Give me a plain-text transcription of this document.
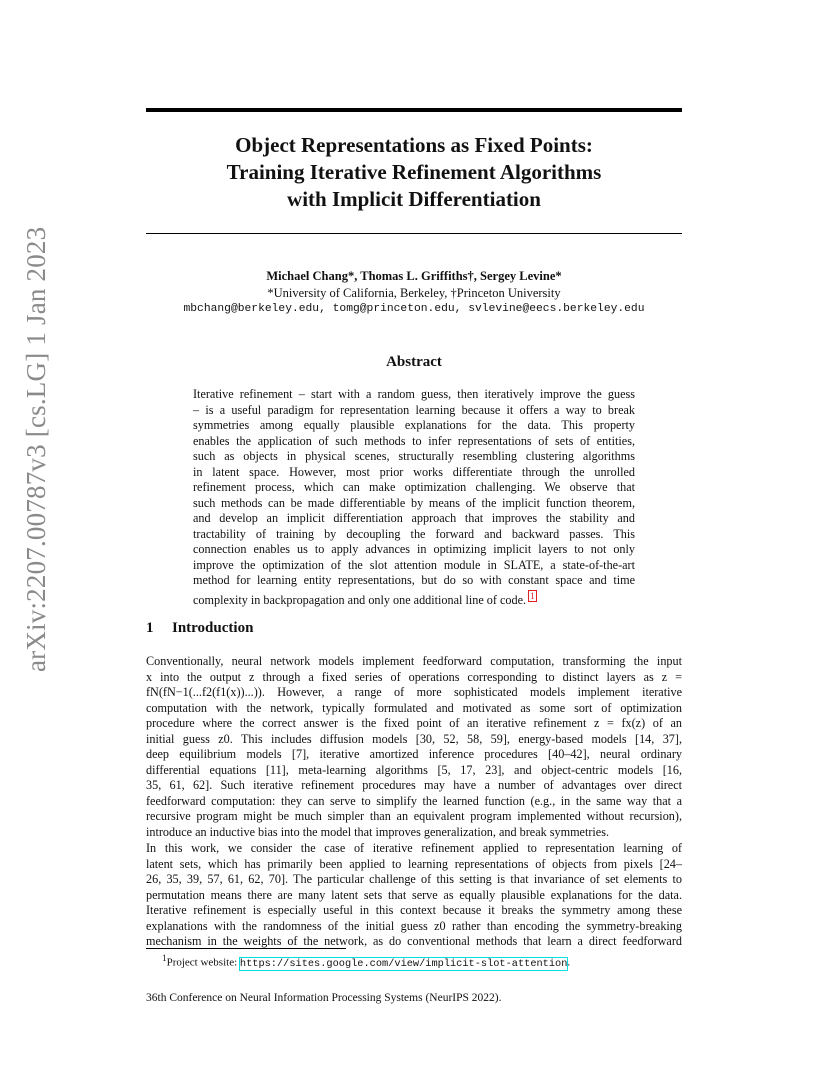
arXiv:2207.00787v3 [cs.LG] 1 Jan 2023
Object Representations as Fixed Points:
Training Iterative Refinement Algorithms
with Implicit Differentiation
Michael Chang*, Thomas L. Griffiths†, Sergey Levine*
*University of California, Berkeley, †Princeton University
mbchang@berkeley.edu, tomg@princeton.edu, svlevine@eecs.berkeley.edu
Abstract
Iterative refinement – start with a random guess, then iteratively improve the guess
– is a useful paradigm for representation learning because it offers a way to break
symmetries among equally plausible explanations for the data. This property
enables the application of such methods to infer representations of sets of entities,
such as objects in physical scenes, structurally resembling clustering algorithms
in latent space. However, most prior works differentiate through the unrolled
refinement process, which can make optimization challenging. We observe that
such methods can be made differentiable by means of the implicit function theorem,
and develop an implicit differentiation approach that improves the stability and
tractability of training by decoupling the forward and backward passes. This
connection enables us to apply advances in optimizing implicit layers to not only
improve the optimization of the slot attention module in SLATE, a state-of-the-art
method for learning entity representations, but do so with constant space and time
complexity in backpropagation and only one additional line of code. $^1$
1 Introduction
Conventionally, neural network models implement feedforward computation, transforming the input
x into the output z through a fixed series of operations corresponding to distinct layers as z =
fN(fN−1(...f2(f1(x))...)). However, a range of more sophisticated models implement iterative
computation with the network, typically formulated and motivated as some sort of optimization
procedure where the correct answer is the fixed point of an iterative refinement z = fx(z) of an
initial guess z0. This includes diffusion models [30, 52, 58, 59], energy-based models [14, 37],
deep equilibrium models [7], iterative amortized inference procedures [40–42], neural ordinary
differential equations [11], meta-learning algorithms [5, 17, 23], and object-centric models [16,
35, 61, 62]. Such iterative refinement procedures may have a number of advantages over direct
feedforward computation: they can serve to simplify the learned function (e.g., in the same way that a
recursive program might be much simpler than an equivalent program implemented without recursion),
introduce an inductive bias into the model that improves generalization, and break symmetries.
In this work, we consider the case of iterative refinement applied to representation learning of
latent sets, which has primarily been applied to learning representations of objects from pixels [24–
26, 35, 39, 57, 61, 62, 70]. The particular challenge of this setting is that invariance of set elements to
permutation means there are many latent sets that serve as equally plausible explanations for the data.
Iterative refinement is especially useful in this context because it breaks the symmetry among these
explanations with the randomness of the initial guess z0 rather than encoding the symmetry-breaking
mechanism in the weights of the network, as do conventional methods that learn a direct feedforward
$^1$Project website: https://sites.google.com/view/implicit-slot-attention.
36th Conference on Neural Information Processing Systems (NeurIPS 2022).
